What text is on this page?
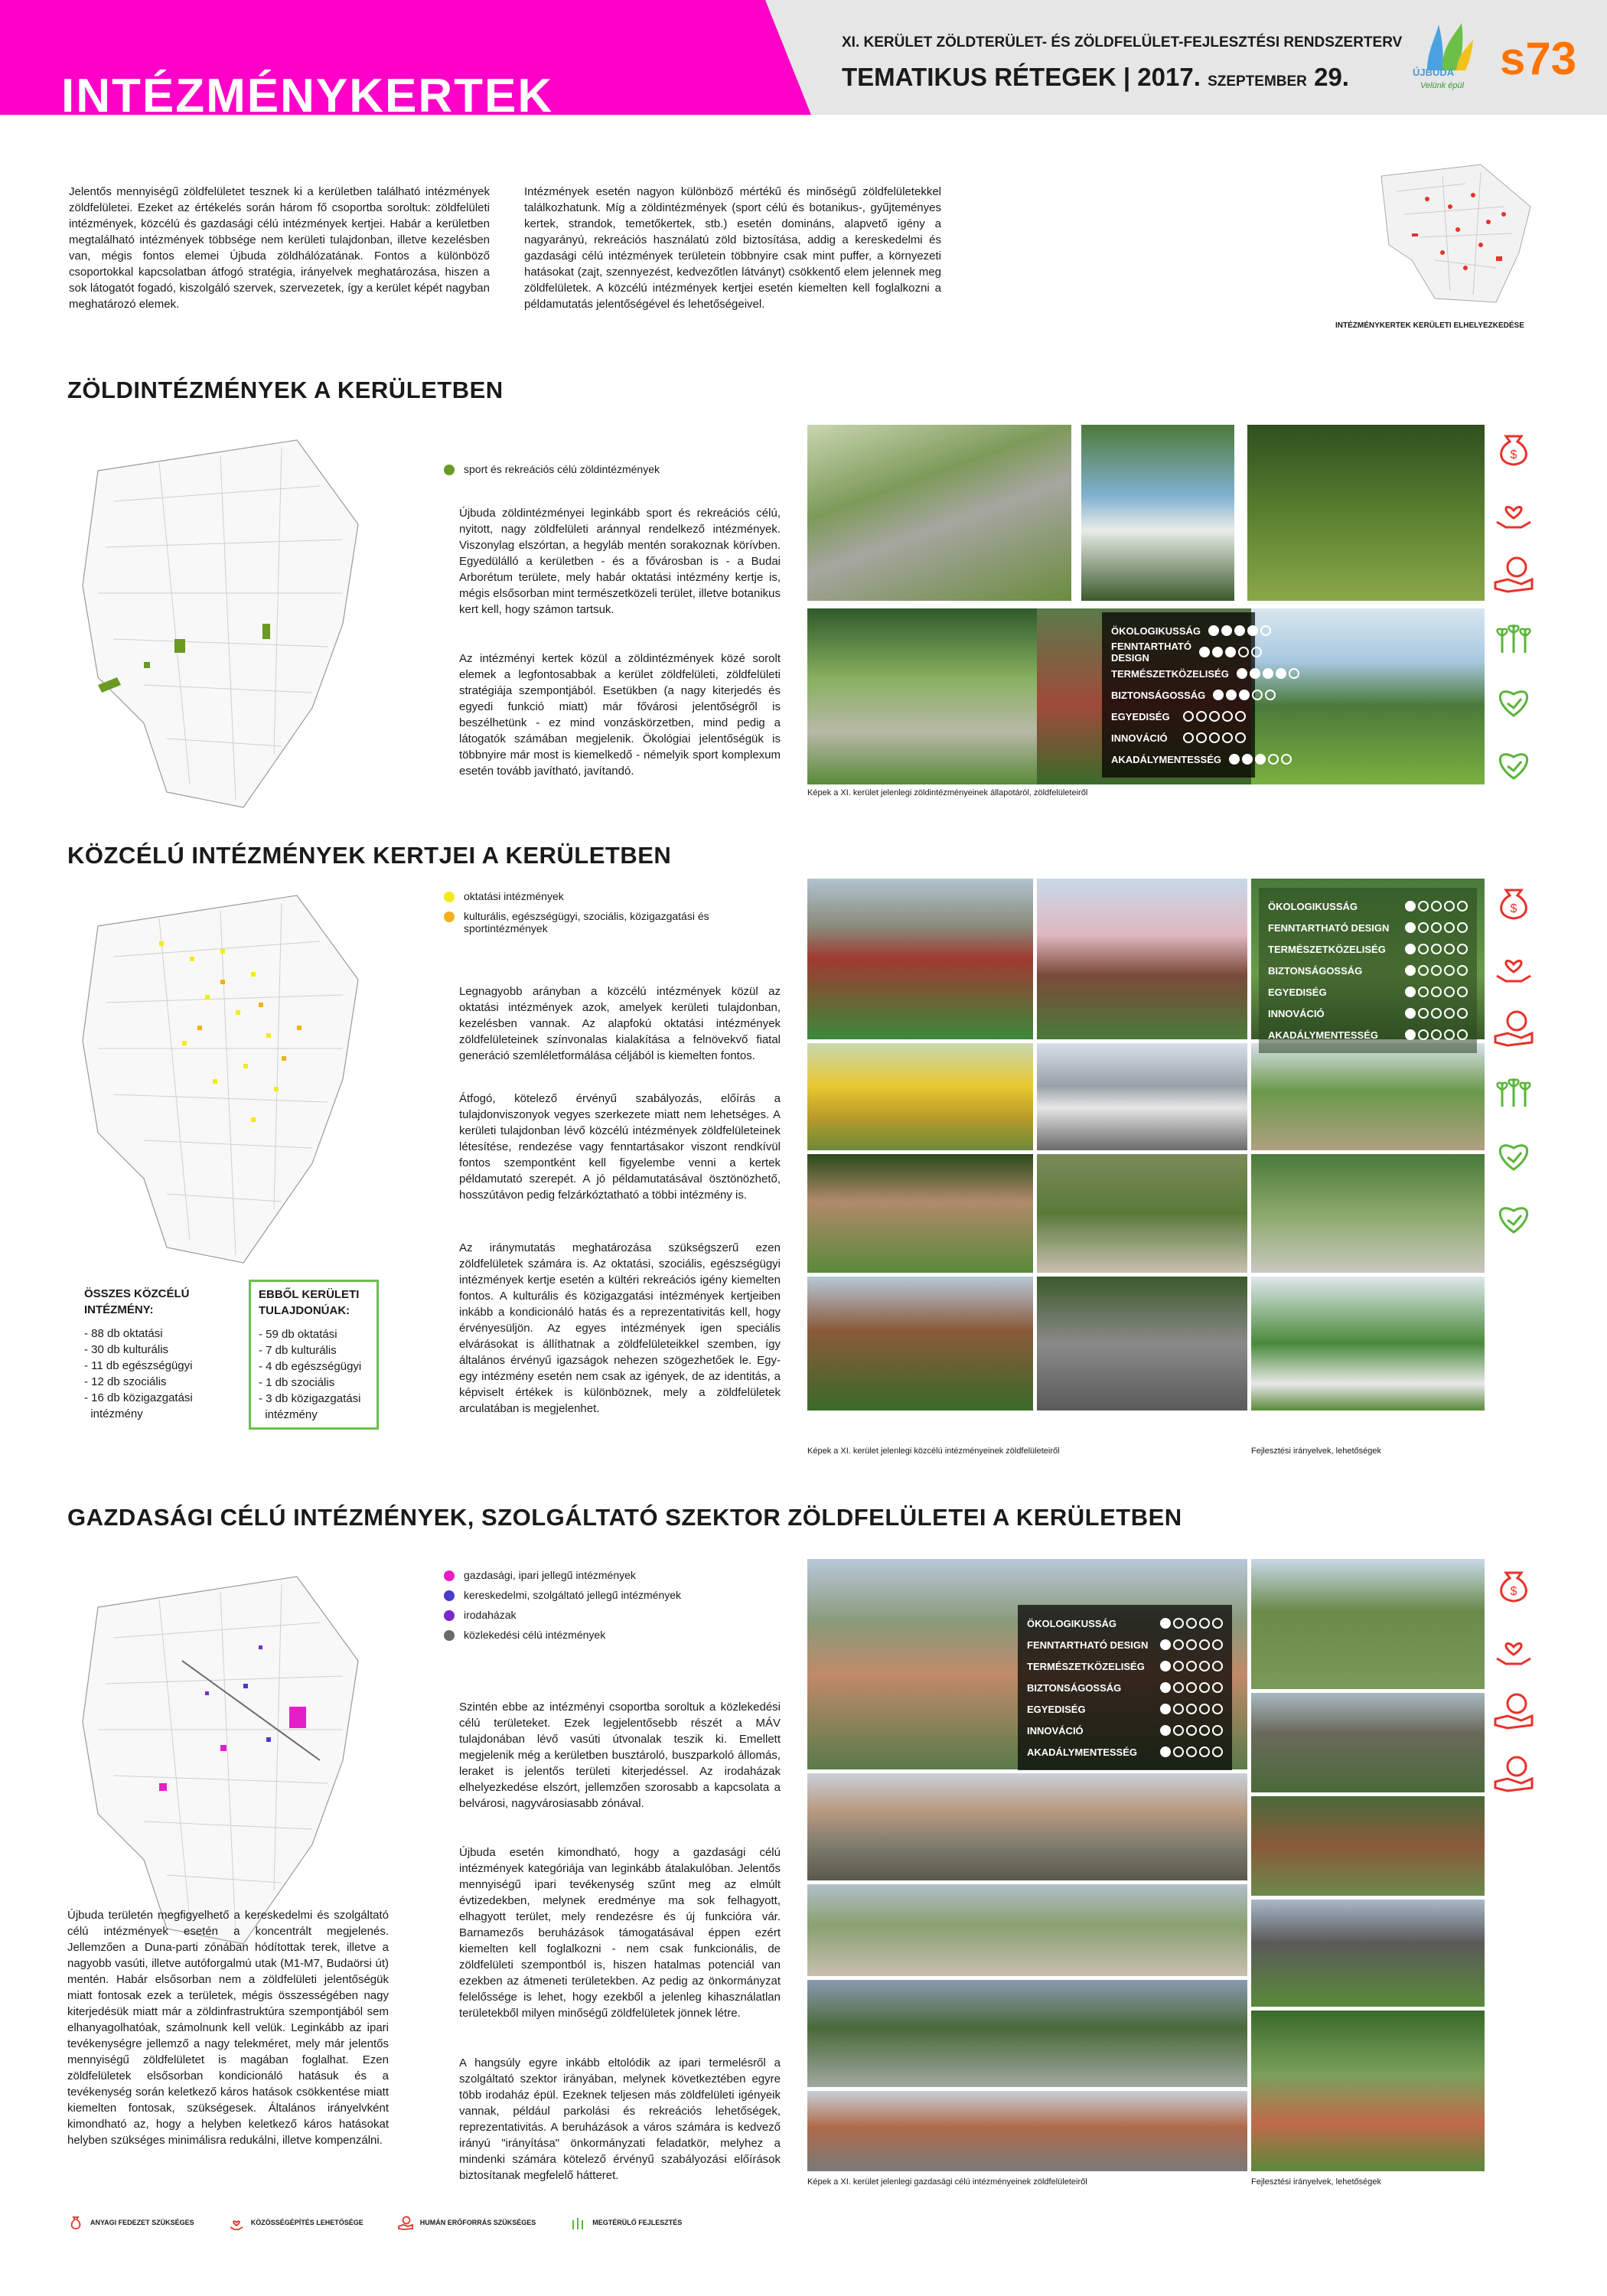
INTÉZMÉNYKERTEK
XI. KERÜLET ZÖLDTERÜLET- ÉS ZÖLDFELÜLET-FEJLESZTÉSI RENDSZERTERV
TEMATIKUS RÉTEGEK | 2017. SZEPTEMBER 29.	ÚJBUDA
Velünk épül
s73
Jelentős mennyiségű zöldfelületet tesznek ki a kerületben található intézmények zöldfelületei. Ezeket az értékelés során három fő csoportba soroltuk: zöldfelületi intézmények, közcélú és gazdasági célú intézmények kertjei. Habár a kerületben megtalálható intézmények többsége nem kerületi tulajdonban, illetve kezelésben van, mégis fontos elemei Újbuda zöldhálózatának. Fontos a különböző csoportokkal kapcsolatban átfogó stratégia, irányelvek meghatározása, hiszen a sok látogatót fogadó, kiszolgáló szervek, szervezetek, így a kerület képét nagyban meghatározó elemek.
Intézmények esetén nagyon különböző mértékű és minőségű zöldfelületekkel találkozhatunk. Míg a zöldintézmények (sport célú és botanikus-, gyűjteményes kertek, strandok, temetőkertek, stb.) esetén domináns, alapvető igény a nagyarányú, rekreációs használatú zöld biztosítása, addig a kereskedelmi és gazdasági célú intézmények területein többnyire csak mint puffer, a környezeti hatásokat (zajt, szennyezést, kedvezőtlen látványt) csökkentő elem jelennek meg zöldfelületek. A közcélú intézmények kertjei esetén kiemelten kell foglalkozni a példamutatás jelentőségével és lehetőségeivel.
INTÉZMÉNYKERTEK KERÜLETI ELHELYEZKEDÉSE
$
$
$
ZÖLDINTÉZMÉNYEK A KERÜLETBEN
sport és rekreációs célú zöldintézmények
Újbuda zöldintézményei leginkább sport és rekreációs célú, nyitott, nagy zöldfelületi aránnyal rendelkező intézmények. Viszonylag elszórtan, a hegyláb mentén sorakoznak körívben. Egyedülálló a kerületben - és a fővárosban is - a Budai Arborétum területe, mely habár oktatási intézmény kertje is, mégis elsősorban mint természetközeli terület, illetve botanikus kert kell, hogy számon tartsuk.
Az intézményi kertek közül a zöldintézmények közé sorolt elemek a legfontosabbak a kerület zöldfelületi, zöldfelületi stratégiája szempontjából. Esetükben (a nagy kiterjedés és egyedi funkció miatt) már fővárosi jelentőségről is beszélhetünk - ez mind vonzáskörzetben, mind pedig a látogatók számában megjelenik. Ökológiai jelentőségük is többnyire már most is kiemelkedő - némelyik sport komplexum esetén tovább javítható, javítandó.
ÖKOLOGIKUSSÁG
FENNTARTHATÓ DESIGN
TERMÉSZETKÖZELISÉG
BIZTONSÁGOSSÁG
EGYEDISÉG
INNOVÁCIÓ
AKADÁLYMENTESSÉG
Képek a XI. kerület jelenlegi zöldintézményeinek állapotáról, zöldfelületeiről
KÖZCÉLÚ INTÉZMÉNYEK KERTJEI A KERÜLETBEN
oktatási intézmények
kulturális, egészségügyi, szociális, közigazgatási és sportintézmények
Legnagyobb arányban a közcélú intézmények közül az oktatási intézmények azok, amelyek kerületi tulajdonban, kezelésben vannak. Az alapfokú oktatási intézmények zöldfelületeinek színvonalas kialakítása a felnövekvő fiatal generáció szemléletformálása céljából is kiemelten fontos.
Átfogó, kötelező érvényű szabályozás, előírás a tulajdonviszonyok vegyes szerkezete miatt nem lehetséges. A kerületi tulajdonban lévő közcélú intézmények zöldfelületeinek létesítése, rendezése vagy fenntartásakor viszont rendkívül fontos szempontként kell figyelembe venni a kertek példamutató szerepét. A jó példamutatásával ösztönözhető, hosszútávon pedig felzárkóztatható a többi intézmény is.
Az iránymutatás meghatározása szükségszerű ezen zöldfelületek számára is. Az oktatási, szociális, egészségügyi intézmények kertje esetén a kültéri rekreációs igény kiemelten fontos. A kulturális és közigazgatási intézmények kertjeiben inkább a kondicionáló hatás és a reprezentativitás kell, hogy érvényesüljön. Az egyes intézmények igen speciális elvárásokat is állíthatnak a zöldfelületeikkel szemben, így általános érvényű igazságok nehezen szögezhetőek le. Egy-egy intézmény esetén nem csak az igények, de az identitás, a képviselt értékek is különböznek, mely a zöldfelületek arculatában is megjelenhet.
ÖSSZES KÖZCÉLÚ INTÉZMÉNY:
- 88 db oktatási
- 30 db kulturális
- 11 db egészségügyi
- 12 db szociális
- 16 db közigazgatási
intézmény
EBBŐL KERÜLETI TULAJDONÚAK:
- 59 db oktatási
- 7 db kulturális
- 4 db egészségügyi
- 1 db szociális
- 3 db közigazgatási
intézmény
ÖKOLOGIKUSSÁG
FENNTARTHATÓ DESIGN
TERMÉSZETKÖZELISÉG
BIZTONSÁGOSSÁG
EGYEDISÉG
INNOVÁCIÓ
AKADÁLYMENTESSÉG
Képek a XI. kerület jelenlegi közcélú intézményeinek zöldfelületeiről	Fejlesztési irányelvek, lehetőségek
GAZDASÁGI CÉLÚ INTÉZMÉNYEK, SZOLGÁLTATÓ SZEKTOR ZÖLDFELÜLETEI A KERÜLETBEN
gazdasági, ipari jellegű intézmények
kereskedelmi, szolgáltató jellegű intézmények
irodaházak
közlekedési célú intézmények
Szintén ebbe az intézményi csoportba soroltuk a közlekedési célú területeket. Ezek legjelentősebb részét a MÁV tulajdonában lévő vasúti útvonalak teszik ki. Emellett megjelenik még a kerületben busztároló, buszparkoló állomás, leraket is jelentős területi kiterjedéssel. Az irodaházak elhelyezkedése elszórt, jellemzően szorosabb a kapcsolata a belvárosi, nagyvárosiasabb zónával.
Újbuda esetén kimondható, hogy a gazdasági célú intézmények kategóriája van leginkább átalakulóban. Jelentős mennyiségű ipari tevékenység szűnt meg az elmúlt évtizedekben, melynek eredménye ma sok felhagyott, elhagyott terület, mely rendezésre és új funkcióra vár. Barnamezős beruházások támogatásával éppen ezért kiemelten kell foglalkozni - nem csak funkcionális, de zöldfelületi szempontból is, hiszen hatalmas potenciál van ezekben az átmeneti területekben. Az pedig az önkormányzat felelőssége is lehet, hogy ezekből a jelenleg kihasználatlan területekből milyen minőségű zöldfelületek jönnek létre.
A hangsúly egyre inkább eltolódik az ipari termelésről a szolgáltató szektor irányában, melynek következtében egyre több irodaház épül. Ezeknek teljesen más zöldfelületi igényeik vannak, például parkolási és rekreációs lehetőségek, reprezentativitás. A beruházások a város számára is kedvező irányú "irányítása" önkormányzati feladatkör, melyhez a mindenki számára kötelező érvényű szabályozási előírások biztosítanak megfelelő hátteret.
Újbuda területén megfigyelhető a kereskedelmi és szolgáltató célú intézmények esetén a koncentrált megjelenés. Jellemzően a Duna-parti zónában hódítottak terek, illetve a nagyobb vasúti, illetve autóforgalmú utak (M1-M7, Budaörsi út) mentén. Habár elsősorban nem a zöldfelületi jelentőségük miatt fontosak ezek a területek, mégis összességében nagy kiterjedésük miatt már a zöldinfrastruktúra szempontjából sem elhanyagolhatóak, számolnunk kell velük. Leginkább az ipari tevékenységre jellemző a nagy telekméret, mely már jelentős mennyiségű zöldfelületet is magában foglalhat. Ezen zöldfelületek elsősorban kondicionáló hatásuk és a tevékenység során keletkező káros hatások csökkentése miatt kiemelten fontosak, szükségesek. Általános irányelvként kimondható az, hogy a helyben keletkező káros hatásokat helyben szükséges minimálisra redukálni, illetve kompenzálni.
ÖKOLOGIKUSSÁG
FENNTARTHATÓ DESIGN
TERMÉSZETKÖZELISÉG
BIZTONSÁGOSSÁG
EGYEDISÉG
INNOVÁCIÓ
AKADÁLYMENTESSÉG
Képek a XI. kerület jelenlegi gazdasági célú intézményeinek zöldfelületeiről	Fejlesztési irányelvek, lehetőségek
ANYAGI FEDEZET SZÜKSÉGES	KÖZÖSSÉGÉPÍTÉS LEHETŐSÉGE	HUMÁN ERŐFORRÁS SZÜKSÉGES	MEGTÉRÜLŐ FEJLESZTÉS
